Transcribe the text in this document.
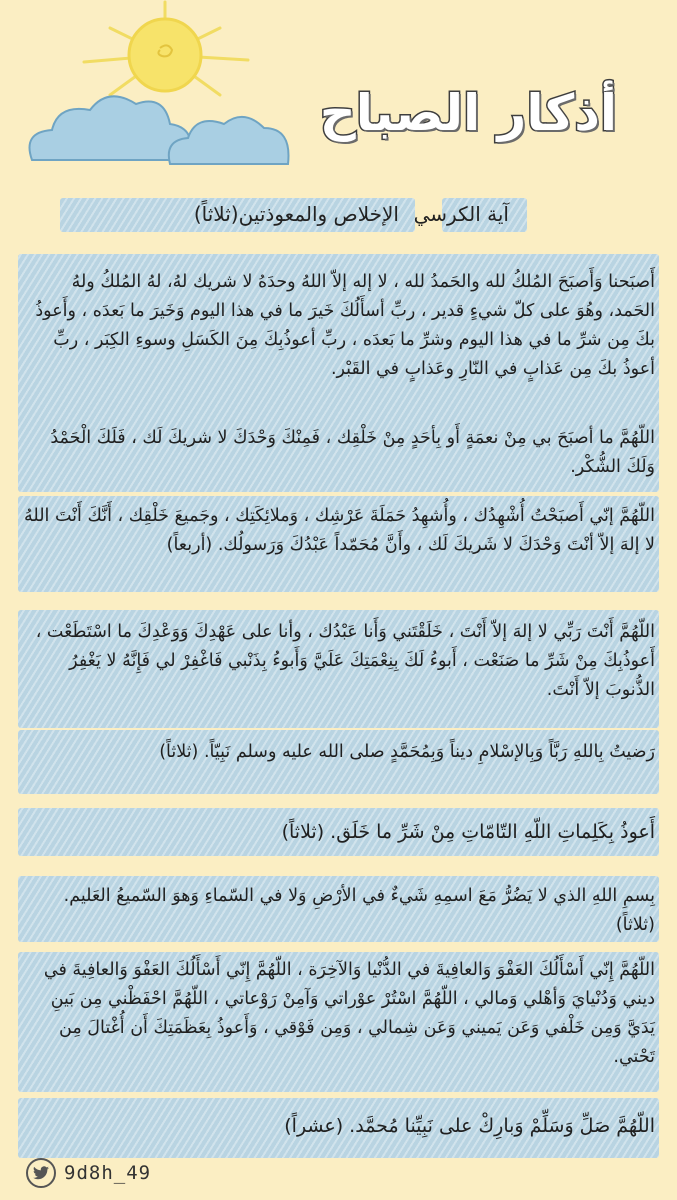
أذكار الصباح

آية الكرسي

الإخلاص والمعوذتين(ثلاثاً)

أَصبَحنا وَأَصبَحَ المُلكُ لله والحَمدُ لله ، لا إله إلاّ اللهُ وحدَهُ لا شريك لهُ، لهُ المُلكُ ولهُ الحَمد، وهُوَ على كلّ شيءٍ قدير ، ربِّ أسأَلُكَ خَيرَ ما في هذا اليوم وَخَيرَ ما بَعدَه ، وأَعوذُ بكَ مِن شرِّ ما في هذا اليوم وشرِّ ما بَعدَه ، ربِّ أعوذُبِكَ مِنَ الكَسَلِ وسوءِ الكِبَر ، ربِّ أعوذُ بكَ مِن عَذابٍ في النّارِ وعَذابٍ في القَبْر.

اللّهُمَّ ما أصبَحَ بي مِنْ نعمَةٍ أَو بِأحَدٍ مِنْ خَلْقِك ، فَمِنْكَ وَحْدَكَ لا شريكَ لَك ، فَلَكَ الْحَمْدُ وَلَكَ الشُّكْر.

اللّهُمَّ إنّي أَصبَحْتُ أُشْهِدُك ، وأُشهِدُ حَمَلَةَ عَرْشِك ، وَملائِكَتِك ، وجَميعَ خَلْقِك ، أَنَّكَ أَنْتَ اللهُ لا إلهَ إلاّ أنْتَ وَحْدَكَ لا شَريكَ لَك ، وأَنَّ مُحَمّداً عَبْدُكَ وَرَسولُك. (أربعاً)

اللّهُمَّ أَنْتَ رَبِّي لا إلهَ إلاّ أَنْتَ ، خَلَقْتَني وَأَنا عَبْدُك ، وأنا على عَهْدِكَ وَوَعْدِكَ ما اسْتَطَعْت ، أَعوذُبِكَ مِنْ شَرِّ ما صَنَعْت ، أَبوءُ لَكَ بِنِعْمَتِكَ عَلَيَّ وَأَبوءُ بِذَنْبي فَاغْفِرْ لي فَإِنَّهُ لا يَغْفِرُ الذُّنوبَ إلاّ أَنْتَ.

رَضيتُ بِاللهِ رَبَّاً وَبِالإسْلامِ ديناً وَبِمُحَمَّدٍ صلى الله عليه وسلم نَبِيّاً. (ثلاثاً)

أَعوذُ بِكَلِماتِ اللّهِ التّامّاتِ مِنْ شَرِّ ما خَلَق. (ثلاثاً)

بِسمِ اللهِ الذي لا يَضُرُّ مَعَ اسمِهِ شَيءٌ في الأرْضِ وَلا في السّماءِ وَهوَ السّميعُ العَليم. (ثلاثاً)

اللّهُمَّ إِنّي أَسْأَلُكَ العَفْوَ وَالعافِيةَ في الدُّنْيا وَالآخِرَة ، اللّهُمَّ إِنّي أَسْأَلُكَ العَفْوَ وَالعافِيةَ في ديني وَدُنْيايَ وَأهْلي وَمالي ، اللّهُمَّ اسْتُرْ عوْراتي وَآمِنْ رَوْعاتي ، اللّهُمَّ احْفَظْني مِن بَينِ يَدَيَّ وَمِن خَلْفي وَعَن يَميني وَعَن شِمالي ، وَمِن فَوْقي ، وَأَعوذُ بِعَظَمَتِكَ أَن أُغْتالَ مِن تَحْتي.

اللّهُمَّ صَلِّ وَسَلِّمْ وَبارِكْ على نَبِيِّنا مُحمَّد. (عشراً)

9d8h_49
